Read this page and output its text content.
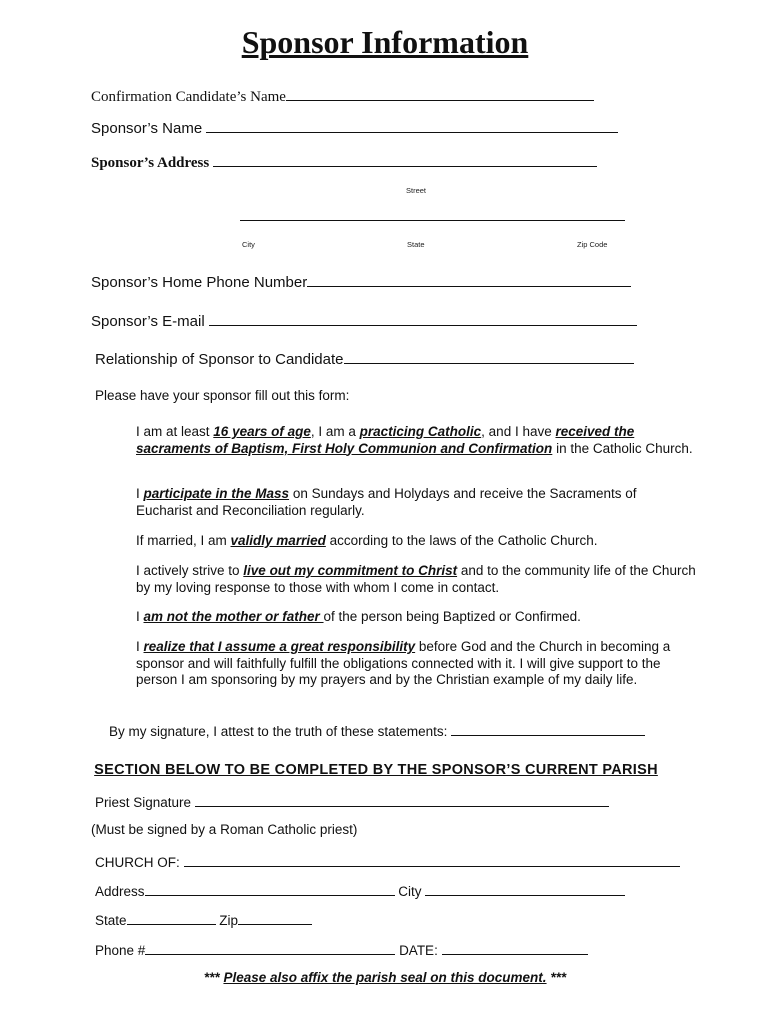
Sponsor Information
Confirmation Candidate’s Name
Sponsor’s Name
Sponsor’s Address
Street
City	State	Zip Code
Sponsor’s Home Phone Number
Sponsor’s E-mail
Relationship of Sponsor to Candidate
Please have your sponsor fill out this form:
I am at least 16 years of age, I am a practicing Catholic, and I have received the sacraments of Baptism, First Holy Communion and Confirmation in the Catholic Church.
I participate in the Mass on Sundays and Holydays and receive the Sacraments of Eucharist and Reconciliation regularly.
If married, I am validly married according to the laws of the Catholic Church.
I actively strive to live out my commitment to Christ and to the community life of the Church by my loving response to those with whom I come in contact.
I am not the mother or father of the person being Baptized or Confirmed.
I realize that I assume a great responsibility before God and the Church in becoming a sponsor and will faithfully fulfill the obligations connected with it. I will give support to the person I am sponsoring by my prayers and by the Christian example of my daily life.
By my signature, I attest to the truth of these statements:
SECTION BELOW TO BE COMPLETED BY THE SPONSOR’S CURRENT PARISH
Priest Signature
(Must be signed by a Roman Catholic priest)
CHURCH OF:
Address	City
State	Zip
Phone #	DATE:
*** Please also affix the parish seal on this document. ***
